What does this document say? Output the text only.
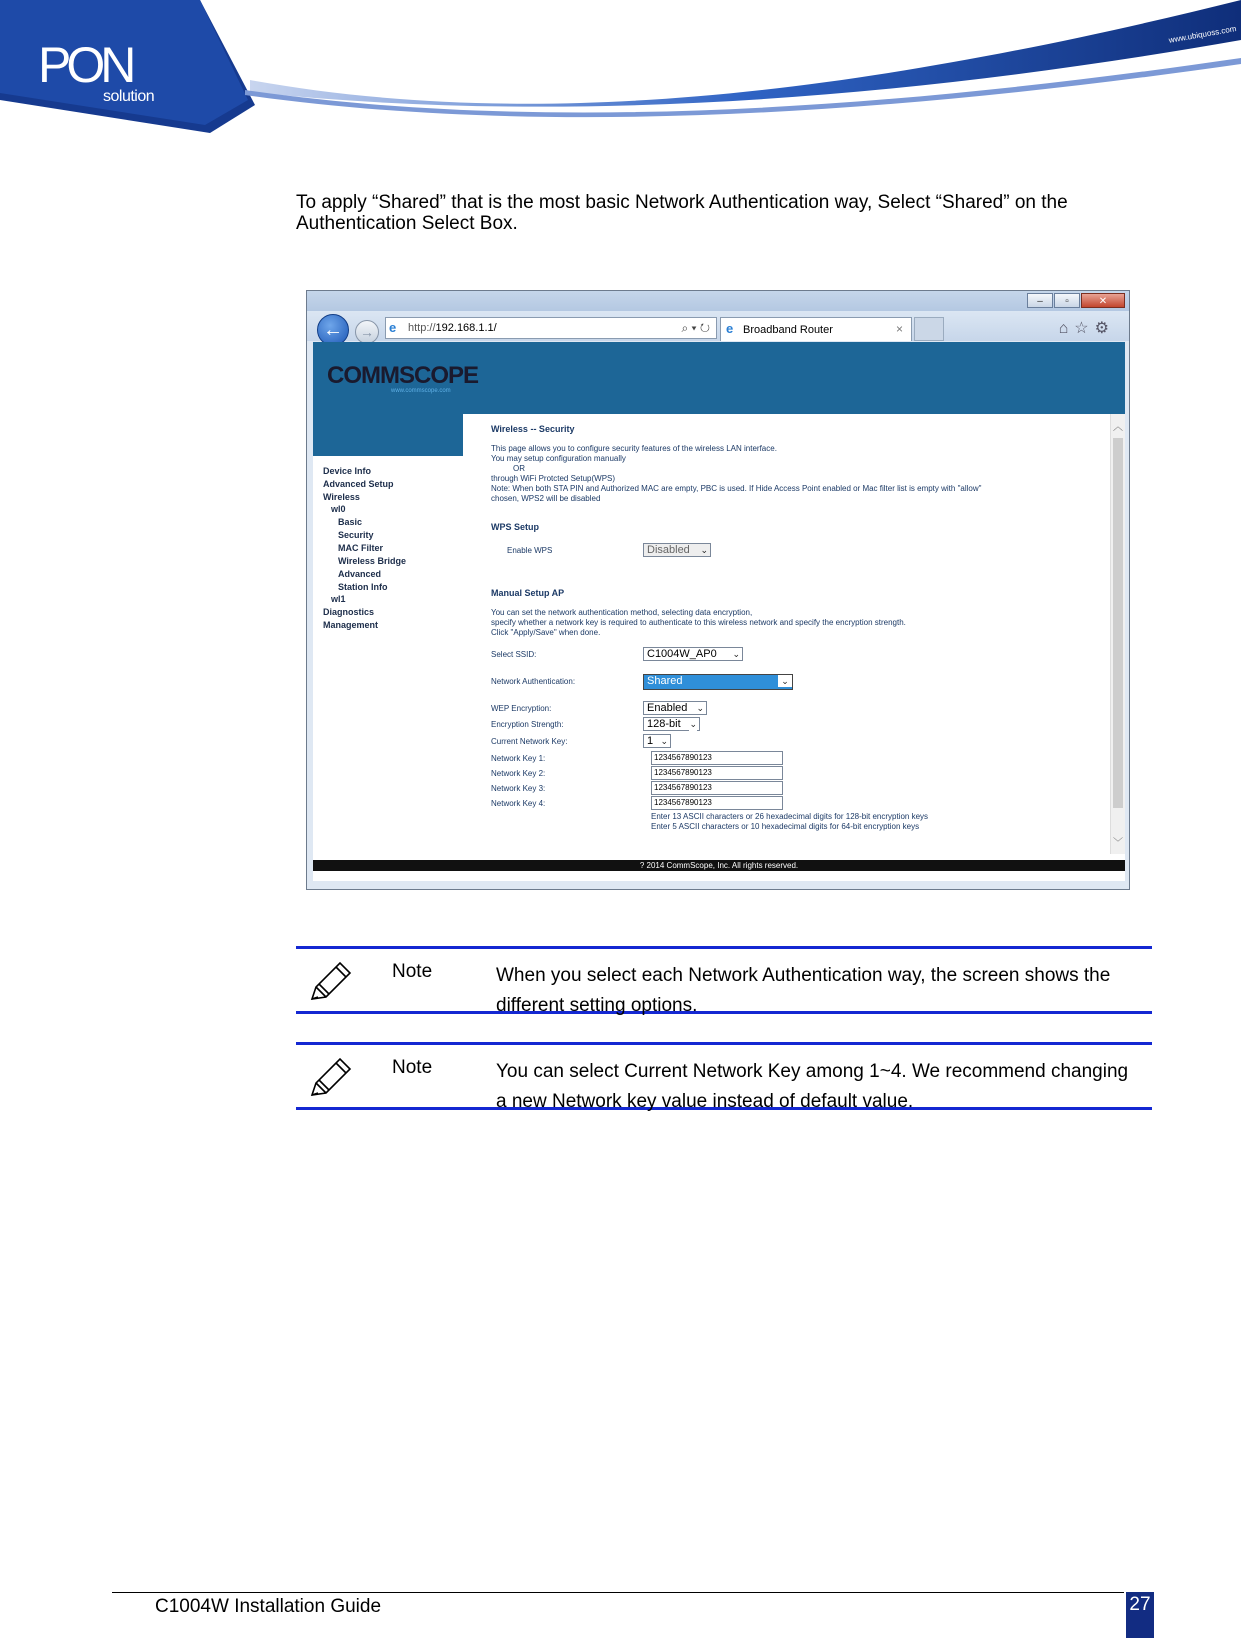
PON
solution
www.ubiquoss.com
To apply “Shared” that is the most basic Network Authentication way, Select “Shared” on the Authentication Select Box.
–	▫	✕
←	→	e	http://192.168.1.1/	⌕ ▾ ↻ e Broadband Router	×	⌂☆⚙
COMMSCOPE
www.commscope.com
Device Info
Advanced Setup
Wireless
wl0
Basic
Security
MAC Filter
Wireless Bridge
Advanced
Station Info
wl1
Diagnostics
Management
Wireless -- Security
This page allows you to configure security features of the wireless LAN interface.
You may setup configuration manually
OR
through WiFi Protcted Setup(WPS)
Note: When both STA PIN and Authorized MAC are empty, PBC is used. If Hide Access Point enabled or Mac filter list is empty with "allow"
chosen, WPS2 will be disabled
WPS Setup
Enable WPS	Disabled ⌄
Manual Setup AP
You can set the network authentication method, selecting data encryption,
specify whether a network key is required to authenticate to this wireless network and specify the encryption strength.
Click "Apply/Save" when done.
Select SSID:	C1004W_AP0 ⌄
Network Authentication:	Shared	⌄
WEP Encryption:	Enabled ⌄
Encryption Strength:	128-bit ⌄
Current Network Key:	1 ⌄
Network Key 1:	1234567890123
Network Key 2:	1234567890123
Network Key 3:	1234567890123
Network Key 4:	1234567890123
Enter 13 ASCII characters or 26 hexadecimal digits for 128-bit encryption keys
Enter 5 ASCII characters or 10 hexadecimal digits for 64-bit encryption keys
︿
﹀
? 2014 CommScope, Inc. All rights reserved.
Note	When you select each Network Authentication way, the screen shows the different setting options.
Note	You can select Current Network Key among 1~4. We recommend changing a new Network key value instead of default value.
C1004W Installation Guide	27
